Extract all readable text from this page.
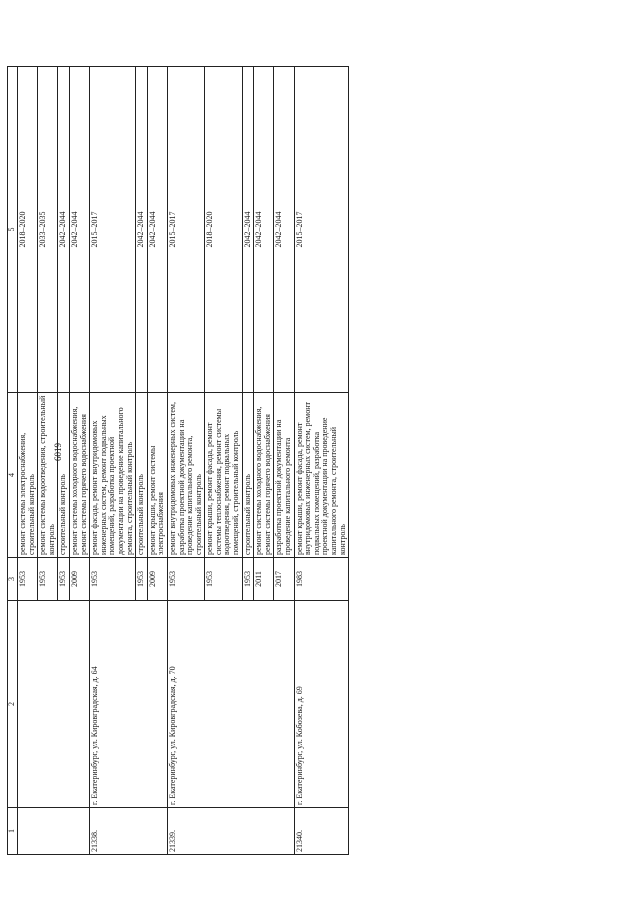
6019
1	2	3	4	5
		1953	ремонт системы электроснабжения, строительный контроль	2018–2020
		1953	ремонт системы водоотведения, строительный контроль	2033–2035
		1953	строительный контроль	2042–2044
		2009	ремонт системы холодного водоснабжения, ремонт системы горячего водоснабжения	2042–2044
21338.	г. Екатеринбург, ул. Кировградская, д. 64	1953	ремонт фасада, ремонт внутридомовых инженерных систем, ремонт подвальных помещений, разработка проектной документации на проведение капитального ремонта, строительный контроль	2015–2017
		1953	строительный контроль	2042–2044
		2009	ремонт крыши, ремонт системы электроснабжения	2042–2044
21339.	г. Екатеринбург, ул. Кировградская, д. 70	1953	ремонт внутридомовых инженерных систем, разработка проектной документации на проведение капитального ремонта, строительный контроль	2015–2017
		1953	ремонт крыши, ремонт фасада, ремонт системы теплоснабжения, ремонт системы водоотведения, ремонт подвальных помещений, строительный контроль	2018–2020
		1953	строительный контроль	2042–2044
		2011	ремонт системы холодного водоснабжения, ремонт системы горячего водоснабжения	2042–2044
		2017	разработка проектной документации на проведение капитального ремонта	2042–2044
21340.	г. Екатеринбург, ул. Кобозева, д. 69	1983	ремонт крыши, ремонт фасада, ремонт внутридомовых инженерных систем, ремонт подвальных помещений, разработка проектной документации на проведение капитального ремонта, строительный контроль	2015–2017
